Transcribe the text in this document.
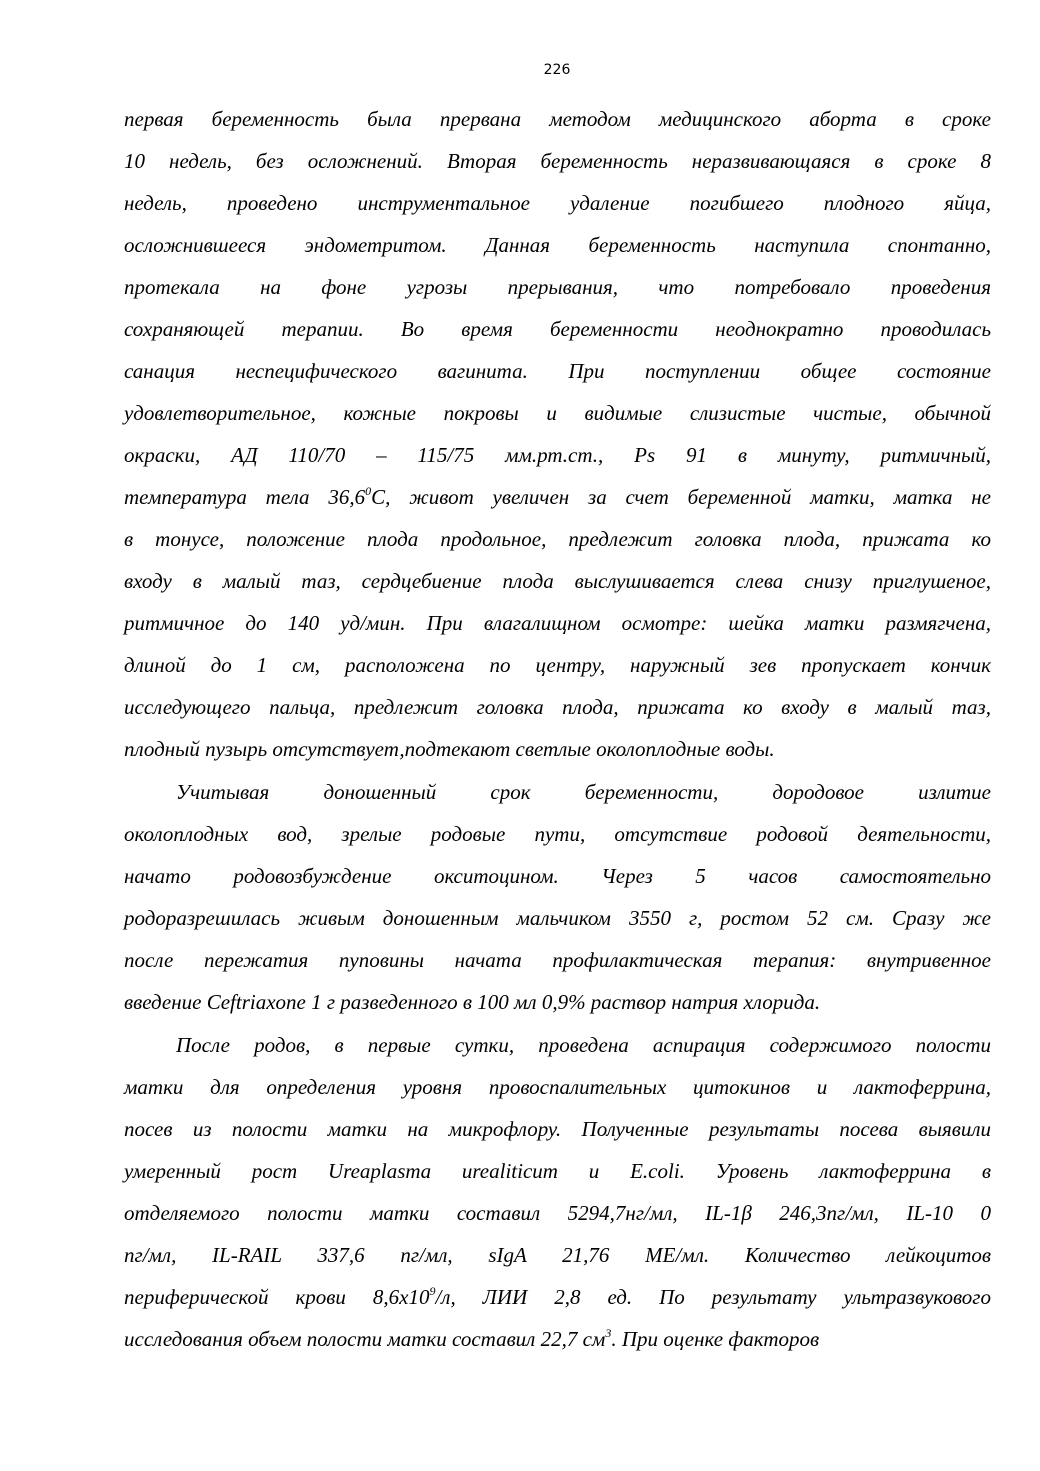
226
первая беременность была прервана методом медицинского аборта в сроке
10 недель, без осложнений. Вторая беременность неразвивающаяся в сроке 8
недель, проведено инструментальное удаление погибшего плодного яйца,
осложнившееся эндометритом. Данная беременность наступила спонтанно,
протекала на фоне угрозы прерывания, что потребовало проведения
сохраняющей терапии. Во время беременности неоднократно проводилась
санация неспецифического вагинита. При поступлении общее состояние
удовлетворительное, кожные покровы и видимые слизистые чистые, обычной
окраски, АД 110/70 – 115/75 мм.рт.ст., Ps 91 в минуту, ритмичный,
температура тела 36,6$^0$С, живот увеличен за счет беременной матки, матка не
в тонусе, положение плода продольное, предлежит головка плода, прижата ко
входу в малый таз, сердцебиение плода выслушивается слева снизу приглушеное,
ритмичное до 140 уд/мин. При влагалищном осмотре: шейка матки размягчена,
длиной до 1 см, расположена по центру, наружный зев пропускает кончик
исследующего пальца, предлежит головка плода, прижата ко входу в малый таз,
плодный пузырь отсутствует,подтекают светлые околоплодные воды.
Учитывая доношенный срок беременности, дородовое излитие
околоплодных вод, зрелые родовые пути, отсутствие родовой деятельности,
начато родовозбуждение окситоцином. Через 5 часов самостоятельно
родоразрешилась живым доношенным мальчиком 3550 г, ростом 52 см. Сразу же
после пережатия пуповины начата профилактическая терапия: внутривенное
введение Ceftriaxone 1 г разведенного в 100 мл 0,9% раствор натрия хлорида.
После родов, в первые сутки, проведена аспирация содержимого полости
матки для определения уровня провоспалительных цитокинов и лактоферрина,
посев из полости матки на микрофлору. Полученные результаты посева выявили
умеренный рост Ureaplasma urealiticum и E.coli. Уровень лактоферрина в
отделяемого полости матки составил 5294,7нг/мл, IL-1β 246,3пг/мл, IL-10 0
пг/мл, IL-RAIL 337,6 пг/мл, sIgA 21,76 МЕ/мл. Количество лейкоцитов
периферической крови $8,6х10^9/л$, ЛИИ 2,8 ед. По результату ультразвукового
исследования объем полости матки составил 22,7 $см^3$. При оценке факторов
